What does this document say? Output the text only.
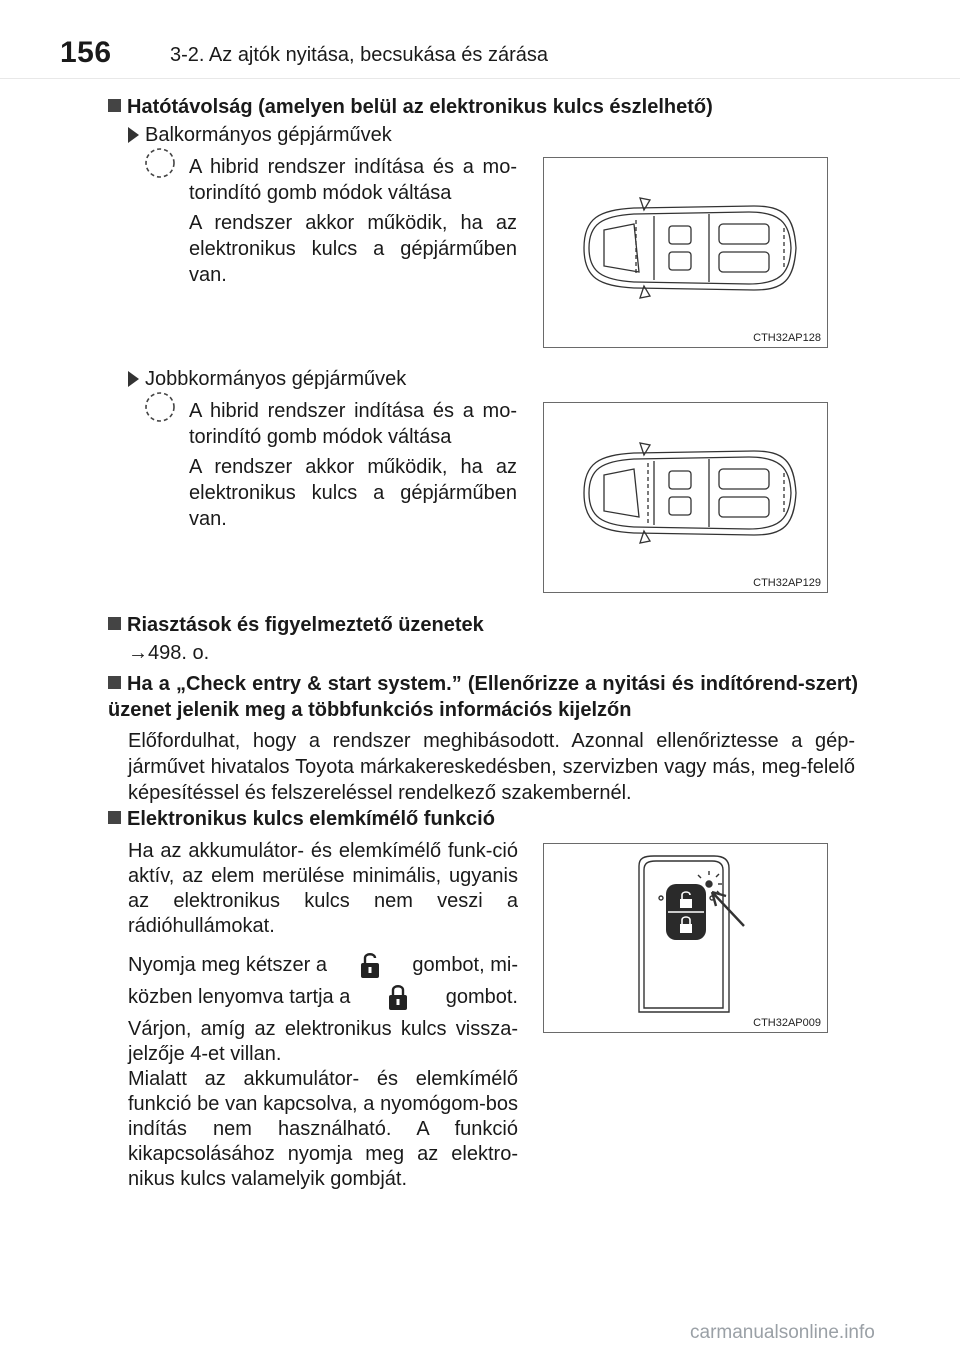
156	3-2. Az ajtók nyitása, becsukása és zárása
Hatótávolság (amelyen belül az elektronikus kulcs észlelhető)
Balkormányos gépjárművek
A hibrid rendszer indítása és a mo-torindító gomb módok váltása
A rendszer akkor működik, ha az elektronikus kulcs a gépjárműben van.
CTH32AP128
Jobbkormányos gépjárművek
A hibrid rendszer indítása és a mo-torindító gomb módok váltása
A rendszer akkor működik, ha az elektronikus kulcs a gépjárműben van.
CTH32AP129
Riasztások és figyelmeztető üzenetek
→498. o.
Ha a „Check entry & start system.” (Ellenőrizze a nyitási és indítórend-szert) üzenet jelenik meg a többfunkciós információs kijelzőn
Előfordulhat, hogy a rendszer meghibásodott. Azonnal ellenőriztesse a gép-járművet hivatalos Toyota márkakereskedésben, szervizben vagy más, meg-felelő képesítéssel és felszereléssel rendelkező szakembernél.
Elektronikus kulcs elemkímélő funkció
Ha az akkumulátor- és elemkímélő funk-ció aktív, az elem merülése minimális, ugyanis az elektronikus kulcs nem veszi a rádióhullámokat.
Nyomja meg kétszer a	gombot, mi-
közben lenyomva tartja a	gombot.
Várjon, amíg az elektronikus kulcs vissza-jelzője 4-et villan.
Mialatt az akkumulátor- és elemkímélő funkció be van kapcsolva, a nyomógom-bos indítás nem használható. A funkció kikapcsolásához nyomja meg az elektro-nikus kulcs valamelyik gombját.
CTH32AP009
carmanualsonline.info
